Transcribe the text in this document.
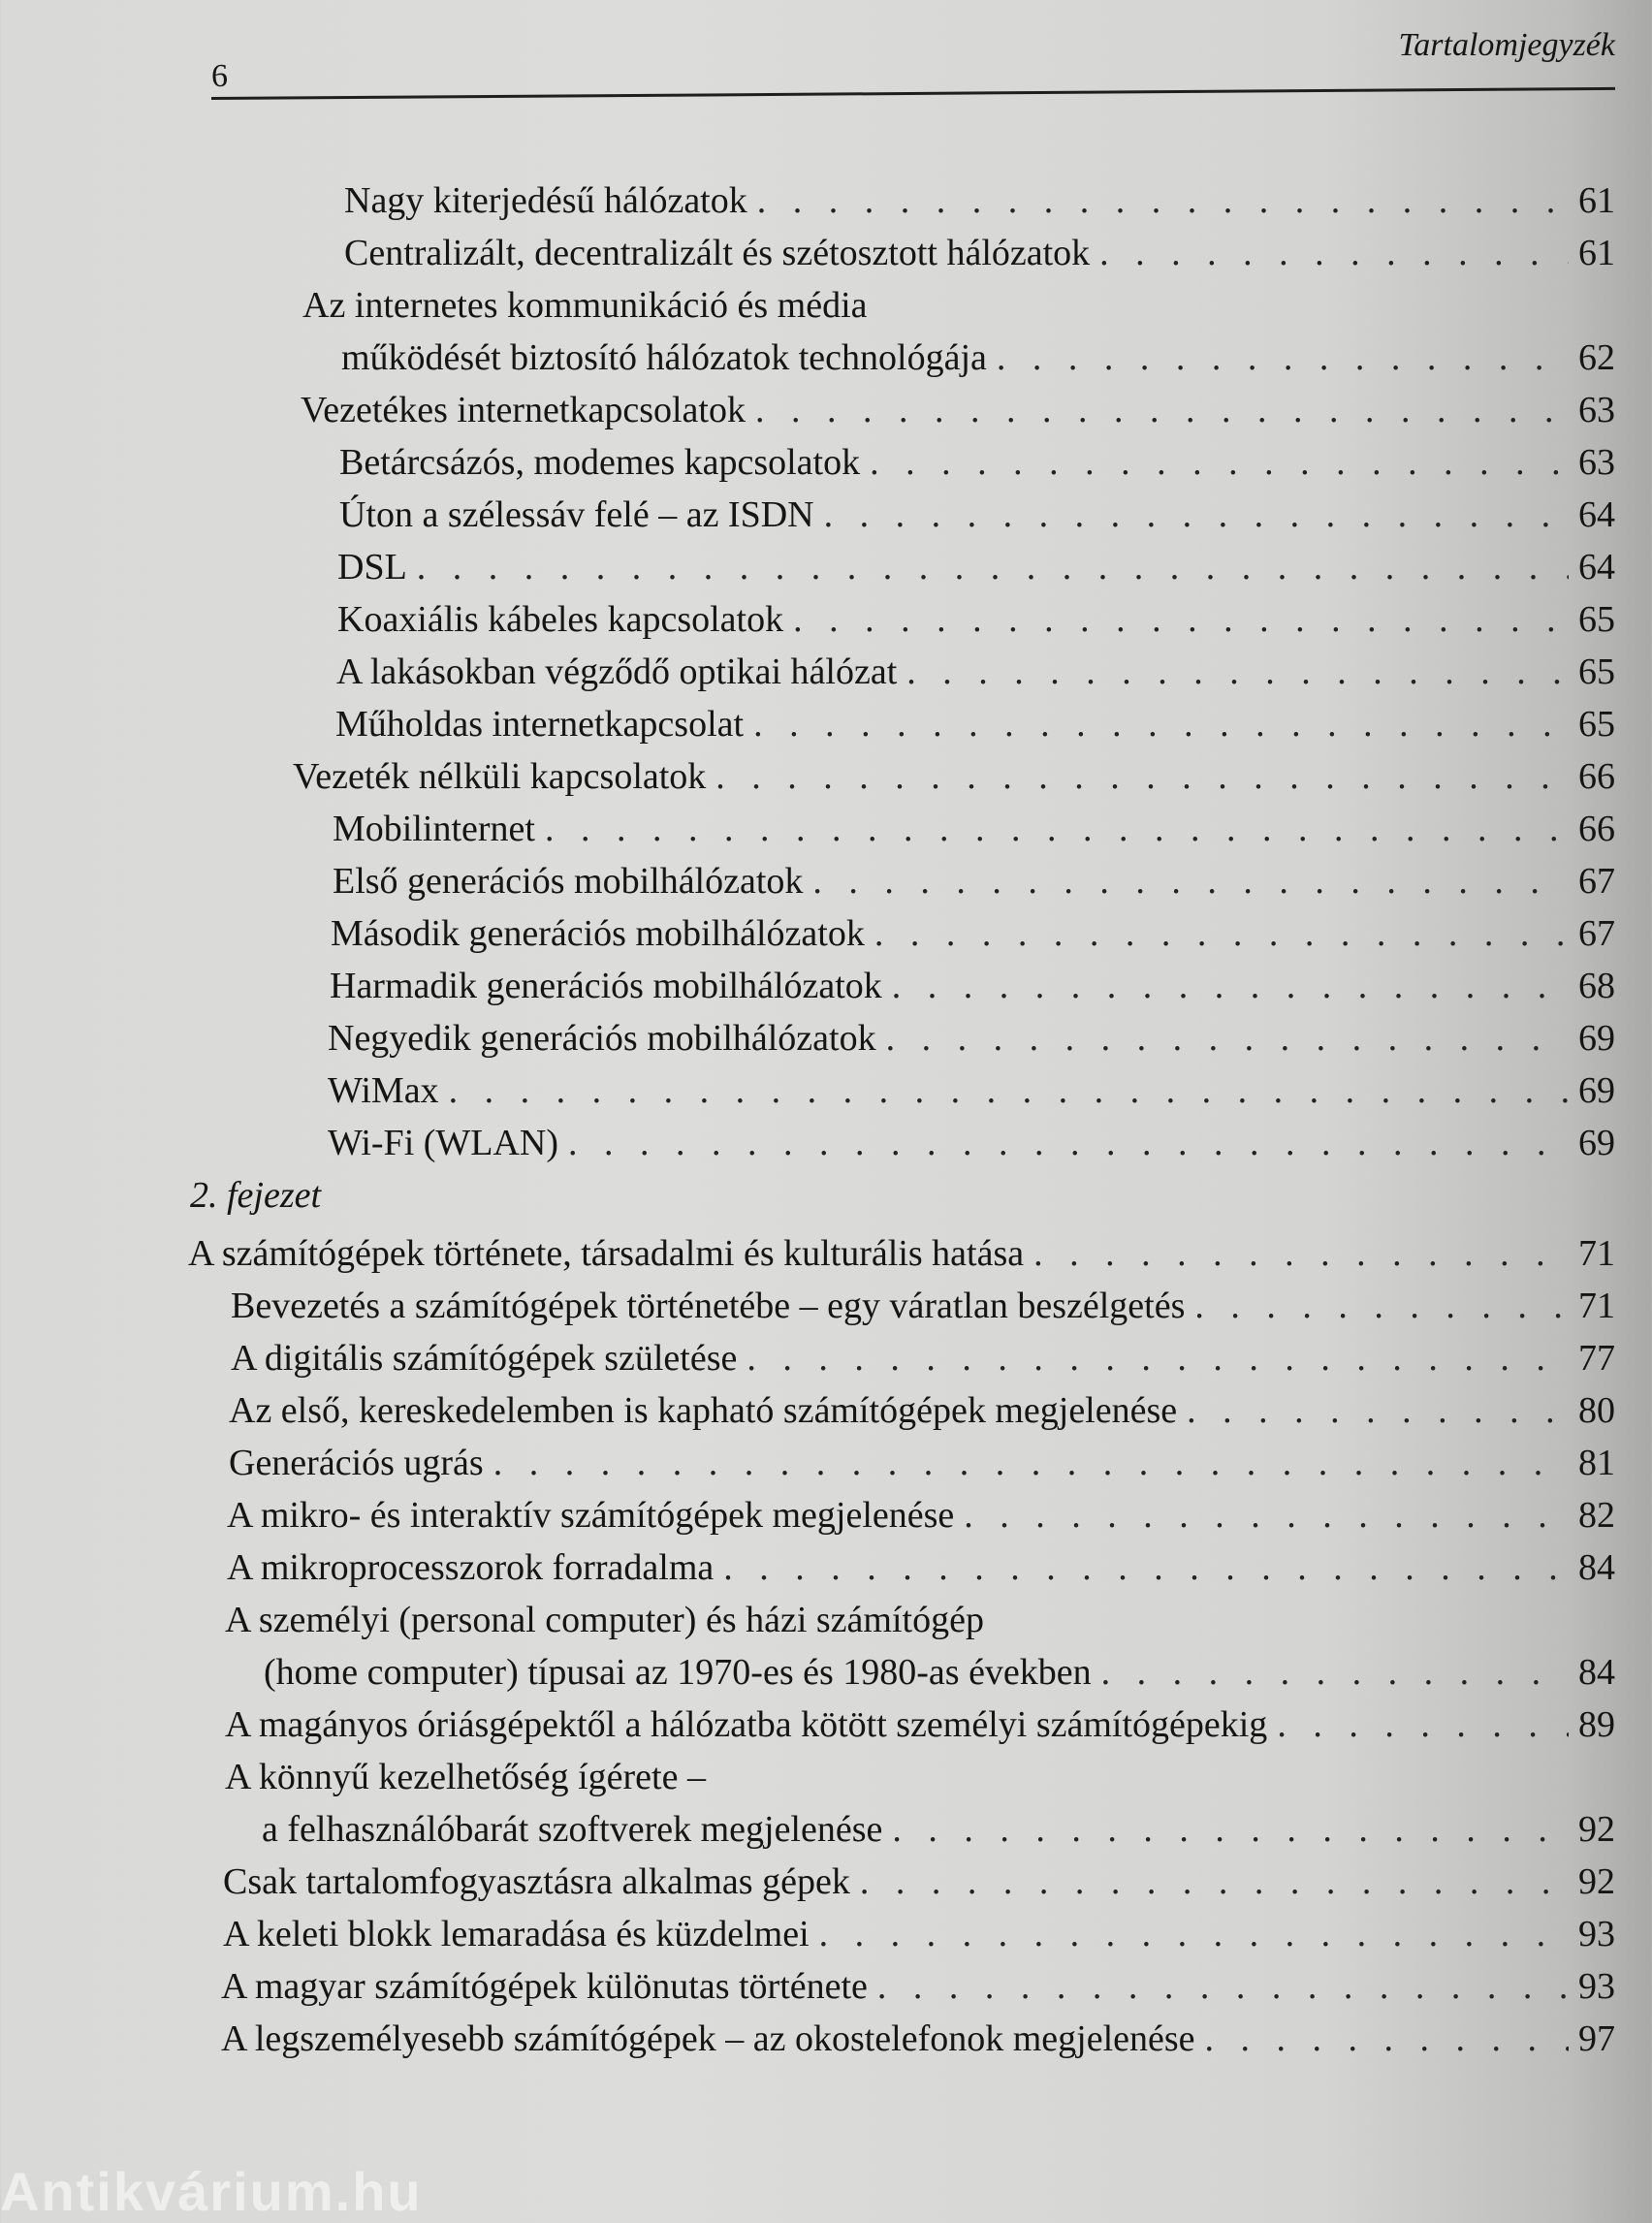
6
Tartalomjegyzék
Nagy kiterjedésű hálózatok . . .	61
Centralizált, decentralizált és szétosztott hálózatok . . .	61
Az internetes kommunikáció és média
működését biztosító hálózatok technológája . . .	62
Vezetékes internetkapcsolatok . . .	63
Betárcsázós, modemes kapcsolatok . . .	63
Úton a szélessáv felé – az ISDN . . .	64
DSL . . .	64
Koaxiális kábeles kapcsolatok . . .	65
A lakásokban végződő optikai hálózat . . .	65
Műholdas internetkapcsolat . . .	65
Vezeték nélküli kapcsolatok . . .	66
Mobilinternet . . .	66
Első generációs mobilhálózatok . . .	67
Második generációs mobilhálózatok . . .	67
Harmadik generációs mobilhálózatok . . .	68
Negyedik generációs mobilhálózatok . . .	69
WiMax . . .	69
Wi-Fi (WLAN) . . .	69
2. fejezet
A számítógépek története, társadalmi és kulturális hatása . . .	71
Bevezetés a számítógépek történetébe – egy váratlan beszélgetés . . .	71
A digitális számítógépek születése . . .	77
Az első, kereskedelemben is kapható számítógépek megjelenése . . .	80
Generációs ugrás . . .	81
A mikro- és interaktív számítógépek megjelenése . . .	82
A mikroprocesszorok forradalma . . .	84
A személyi (personal computer) és házi számítógép
(home computer) típusai az 1970-es és 1980-as években . . .	84
A magányos óriásgépektől a hálózatba kötött személyi számítógépekig . . .	89
A könnyű kezelhetőség ígérete –
a felhasználóbarát szoftverek megjelenése . . .	92
Csak tartalomfogyasztásra alkalmas gépek . . .	92
A keleti blokk lemaradása és küzdelmei . . .	93
A magyar számítógépek különutas története . . .	93
A legszemélyesebb számítógépek – az okostelefonok megjelenése . . .	97
Antikvárium.hu
